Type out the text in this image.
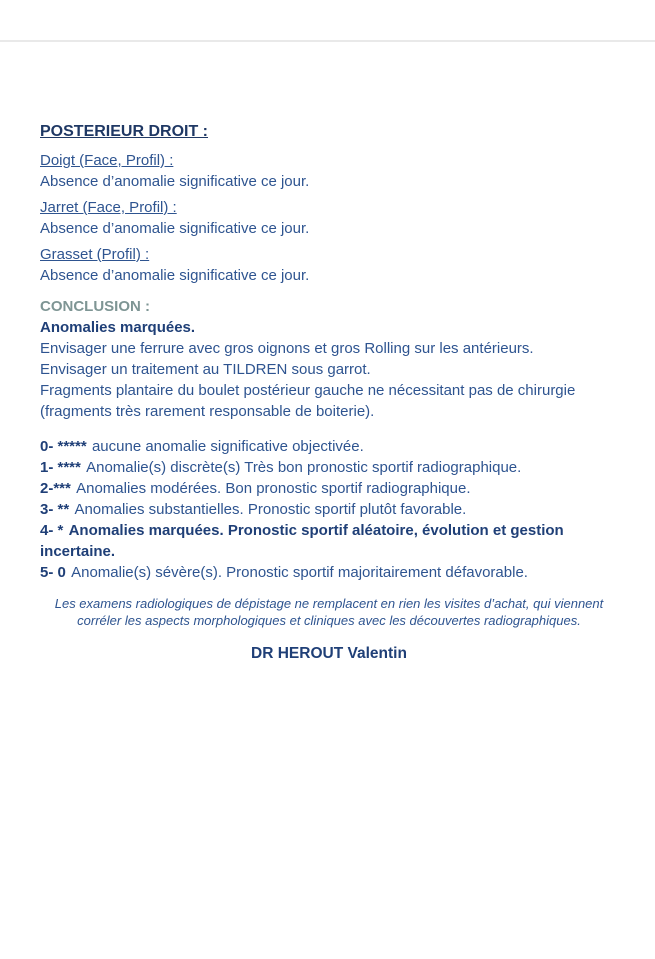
POSTERIEUR DROIT :
Doigt (Face, Profil) :
Absence d’anomalie significative ce jour.
Jarret (Face, Profil) :
Absence d’anomalie significative ce jour.
Grasset (Profil) :
Absence d’anomalie significative ce jour.
CONCLUSION :
Anomalies marquées.
Envisager une ferrure avec gros oignons et gros Rolling sur les antérieurs.
Envisager un traitement au TILDREN sous garrot.
Fragments plantaire du boulet postérieur gauche ne nécessitant pas de chirurgie (fragments très rarement responsable de boiterie).
0- ***** aucune anomalie significative objectivée.
1- **** Anomalie(s) discrète(s) Très bon pronostic sportif radiographique.
2-*** Anomalies modérées. Bon pronostic sportif radiographique.
3- ** Anomalies substantielles. Pronostic sportif plutôt favorable.
4- * Anomalies marquées. Pronostic sportif aléatoire, évolution et gestion incertaine.
5- 0 Anomalie(s) sévère(s). Pronostic sportif majoritairement défavorable.
Les examens radiologiques de dépistage ne remplacent en rien les visites d’achat, qui viennent corréler les aspects morphologiques et cliniques avec les découvertes radiographiques.
DR HEROUT Valentin
